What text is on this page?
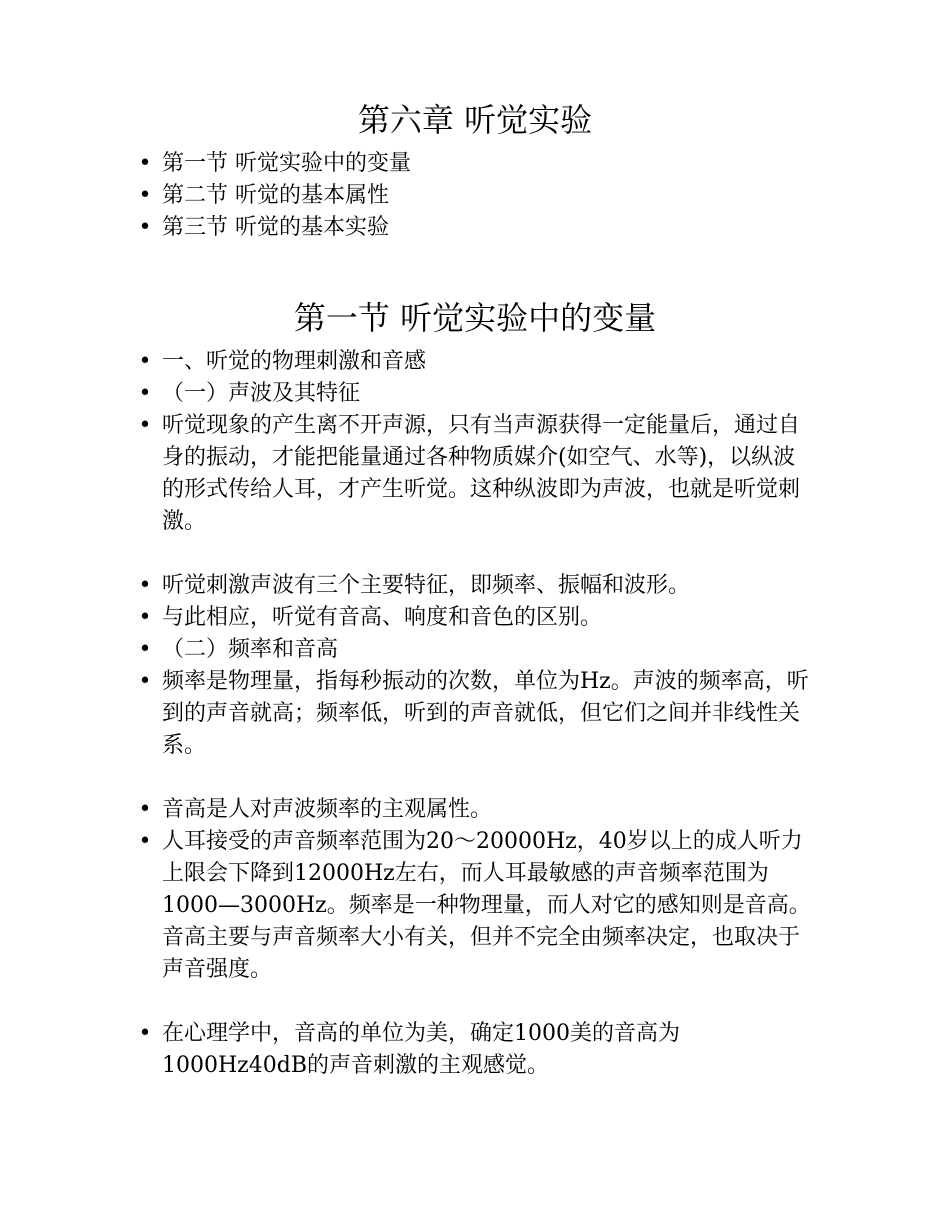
第六章 听觉实验
• 第一节 听觉实验中的变量
• 第二节 听觉的基本属性
• 第三节 听觉的基本实验
第一节 听觉实验中的变量
• 一、听觉的物理刺激和音感
• （一）声波及其特征
• 听觉现象的产生离不开声源，只有当声源获得一定能量后，通过自身的振动，才能把能量通过各种物质媒介(如空气、水等)，以纵波的形式传给人耳，才产生听觉。这种纵波即为声波，也就是听觉刺激。
• 听觉刺激声波有三个主要特征，即频率、振幅和波形。
• 与此相应，听觉有音高、响度和音色的区别。
• （二）频率和音高
• 频率是物理量，指每秒振动的次数，单位为Hz。声波的频率高，听到的声音就高；频率低，听到的声音就低，但它们之间并非线性关系。
• 音高是人对声波频率的主观属性。
• 人耳接受的声音频率范围为20～20000Hz，40岁以上的成人听力上限会下降到12000Hz左右，而人耳最敏感的声音频率范围为1000—3000Hz。频率是一种物理量，而人对它的感知则是音高。音高主要与声音频率大小有关，但并不完全由频率决定，也取决于声音强度。
• 在心理学中，音高的单位为美，确定1000美的音高为1000Hz40dB的声音刺激的主观感觉。
